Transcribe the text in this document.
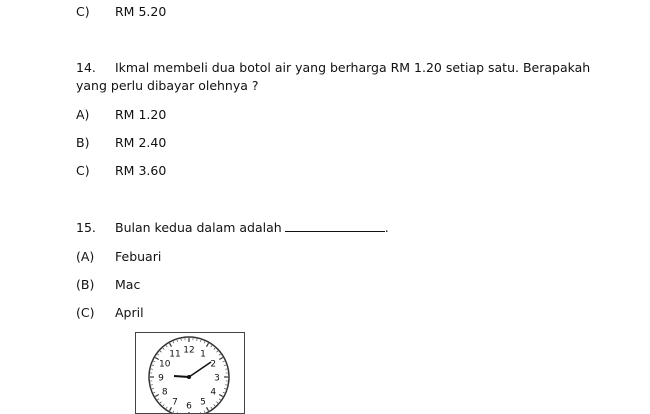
C) RM 5.20
14. Ikmal membeli dua botol air yang berharga RM 1.20 setiap satu. Berapakah
yang perlu dibayar olehnya ?
A) RM 1.20
B) RM 2.40
C) RM 3.60
15. Bulan kedua dalam adalah	.
(A) Febuari
(B) Mac
(C) April
12 1
2
3
4
5
6
7
8
9
10
11
